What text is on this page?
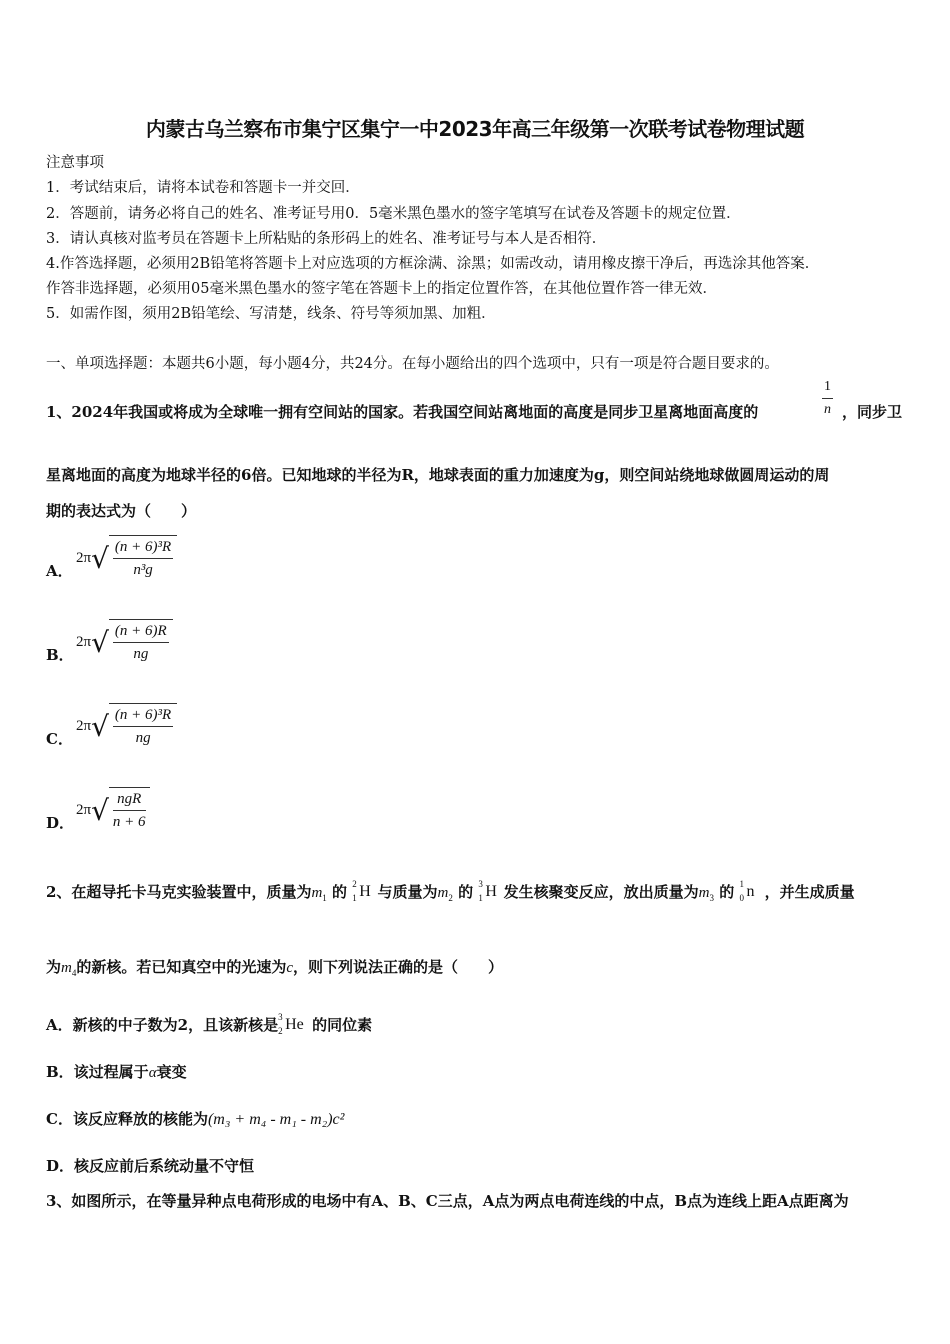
内蒙古乌兰察布市集宁区集宁一中2023年高三年级第一次联考试卷物理试题
注意事项
1．考试结束后，请将本试卷和答题卡一并交回．
2．答题前，请务必将自己的姓名、准考证号用0．5毫米黑色墨水的签字笔填写在试卷及答题卡的规定位置．
3．请认真核对监考员在答题卡上所粘贴的条形码上的姓名、准考证号与本人是否相符．
4.作答选择题，必须用2B铅笔将答题卡上对应选项的方框涂满、涂黑；如需改动，请用橡皮擦干净后，再选涂其他答案．
作答非选择题，必须用05毫米黑色墨水的签字笔在答题卡上的指定位置作答，在其他位置作答一律无效．
5．如需作图，须用2B铅笔绘、写清楚，线条、符号等须加黑、加粗．
一、单项选择题：本题共6小题，每小题4分，共24分。在每小题给出的四个选项中，只有一项是符合题目要求的。
1、2024年我国或将成为全球唯一拥有空间站的国家。若我国空间站离地面的高度是同步卫星离地面高度的	$\frac{1}{n}$ ，同步卫
星离地面的高度为地球半径的6倍。已知地球的半径为R，地球表面的重力加速度为g，则空间站绕地球做圆周运动的周
期的表达式为（　　）
A．
$2\pi√ \frac{\text{(n + 6)³R}}{\text{n³g}}$
B．
$2\pi√ \frac{(n + 6)R}{ng}$
C．
$2\pi√ \frac{\text{(n + 6)³R}}{ng}$
D．
$2\pi√ \frac{\text{ngR}}{n + 6}$
2、在超导托卡马克实验装置中，质量为$m_1$ 的 2
1 H 与质量为$m_2$ 的 3
1 H 发生核聚变反应，放出质量为$m_3$ 的 1
0 n ，并生成质量
为$m_4$的新核。若已知真空中的光速为c，则下列说法正确的是（　　）
A．新核的中子数为2，且该新核是 3
2 He 的同位素
B．该过程属于α衰变
C．该反应释放的核能为(m₃ + m₄ - m₁ - m₂)c²
D．核反应前后系统动量不守恒
3、如图所示，在等量异种点电荷形成的电场中有A、B、C三点，A点为两点电荷连线的中点，B点为连线上距A点距离为
